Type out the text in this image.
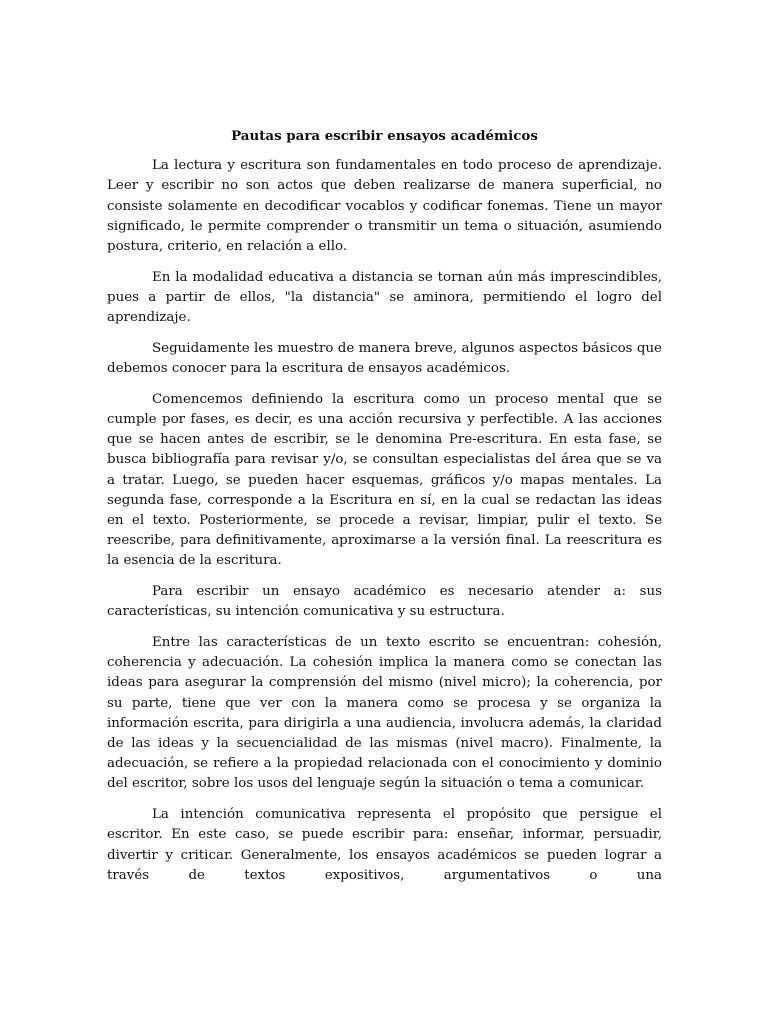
Pautas para escribir ensayos académicos

La lectura y escritura son fundamentales en todo proceso de aprendizaje. Leer y escribir no son actos que deben realizarse de manera superficial, no consiste solamente en decodificar vocablos y codificar fonemas. Tiene un mayor significado, le permite comprender o transmitir un tema o situación, asumiendo postura, criterio, en relación a ello.

En la modalidad educativa a distancia se tornan aún más imprescindibles, pues a partir de ellos, "la distancia" se aminora, permitiendo el logro del aprendizaje.

Seguidamente les muestro de manera breve, algunos aspectos básicos que debemos conocer para la escritura de ensayos académicos.

Comencemos definiendo la escritura como un proceso mental que se cumple por fases, es decir, es una acción recursiva y perfectible. A las acciones que se hacen antes de escribir, se le denomina Pre-escritura. En esta fase, se busca bibliografía para revisar y/o, se consultan especialistas del área que se va a tratar. Luego, se pueden hacer esquemas, gráficos y/o mapas mentales. La segunda fase, corresponde a la Escritura en sí, en la cual se redactan las ideas en el texto. Posteriormente, se procede a revisar, limpiar, pulir el texto. Se reescribe, para definitivamente, aproximarse a la versión final. La reescritura es la esencia de la escritura.

Para escribir un ensayo académico es necesario atender a: sus características, su intención comunicativa y su estructura.

Entre las características de un texto escrito se encuentran: cohesión, coherencia y adecuación. La cohesión implica la manera como se conectan las ideas para asegurar la comprensión del mismo (nivel micro); la coherencia, por su parte, tiene que ver con la manera como se procesa y se organiza la información escrita, para dirigirla a una audiencia, involucra además, la claridad de las ideas y la secuencialidad de las mismas (nivel macro). Finalmente, la adecuación, se refiere a la propiedad relacionada con el conocimiento y dominio del escritor, sobre los usos del lenguaje según la situación o tema a comunicar.

La intención comunicativa representa el propósito que persigue el escritor. En este caso, se puede escribir para: enseñar, informar, persuadir, divertir y criticar. Generalmente, los ensayos académicos se pueden lograr a través de textos expositivos, argumentativos o una
